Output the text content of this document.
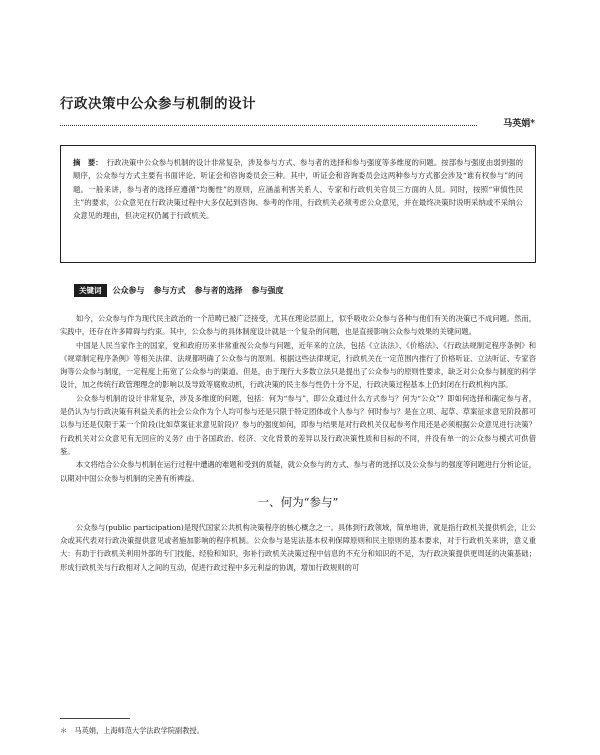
行政决策中公众参与机制的设计
马英娟*

摘　要： 行政决策中公众参与机制的设计非常复杂，涉及参与方式、参与者的选择和参与强度等多维度的问题。按部参与强度由弱到强的顺序，公众参与方式主要有书面评论、听证会和咨询委员会三种。其中，听证会和咨询委员会这两种参与方式都会涉及“谁有权参与”的问题。一般来讲，参与者的选择应遵循“均衡性”的原则，应涵盖利害关系人、专家和行政机关官员三方面的人员。同时，按照“审慎性民主”的要求，公众意见在行政决策过程中大多仅起到咨询、参考的作用，行政机关必须考虑公众意见，并在最终决策时说明采纳或不采纳公众意见的理由，但决定权仍属于行政机关。

关键词	公众参与 参与方式 参与者的选择 参与强度

如今，公众参与作为现代民主政治的一个范畴已被广泛接受，尤其在理论层面上，似乎吸收公众参与各种与他们有关的决策已不成问题。然而，实践中，还存在许多障碍与约束。其中，公众参与的具体制度设计就是一个复杂的问题，也是直接影响公众参与效果的关键问题。

中国是人民当家作主的国家，党和政府历来非常重视公众参与问题，近年来的立法，包括《立法法》、《价格法》、《行政法规制定程序条例》和《规章制定程序条例》等相关法律、法规都明确了公众参与的原则。根据这些法律规定，行政机关在一定范围内推行了价格听证、立法听证、专家咨询等公众参与制度，一定程度上拓宽了公众参与的渠道。但是，由于现行大多数立法只是提出了公众参与的原则性要求，缺乏对公众参与制度的科学设计，加之传统行政管理理念的影响以及导致等腐败动机，行政决策的民主参与性仍十分不足，行政决策过程基本上仍封闭在行政机构内部。

公众参与机制的设计非常复杂，涉及多维度的问题，包括：何为“参与”，即公众通过什么方式参与？何为“公众”？即如何选择和确定参与者，是仍认为与行政决策有利益关系的社会公众作为个人均可参与还是只限于特定团体或个人参与？何时参与？是在立项、起草、草案征求意见阶段都可以参与还是仅限于某一个阶段(比如草案征求意见阶段)？参与的强度如何，即参与结果是对行政机关仅起参考作用还是必须根据公众意见进行决策？行政机关对公众意见有无回应的义务？由于各国政治、经济、文化背景的差异以及行政决策性质和目标的不同，并没有单一的公众参与模式可供借鉴。

本文将结合公众参与机制在运行过程中遭遇的难题和受到的质疑，就公众参与的方式、参与者的选择以及公众参与的强度等问题进行分析论证，以期对中国公众参与机制的完善有所裨益。

一、何为“参与”

公众参与(public participation)是现代国家公共机构决策程序的核心概念之一。具体到行政领域，简单地讲，就是指行政机关提供机会，让公众或其代表对行政决策提供意见或者施加影响的程序机制。公众参与是宪法基本权利保障原则和民主原则的基本要求，对于行政机关来讲，意义重大：有助于行政机关利用外部的专门技能、经验和知识，弥补行政机关决策过程中信息的不充分和知识的不足，为行政决策提供更周延的决策基础；形成行政机关与行政相对人之间的互动，促进行政过程中多元利益的协调，增加行政规则的可

＊　马英娟，上海师范大学法政学院副教授。
